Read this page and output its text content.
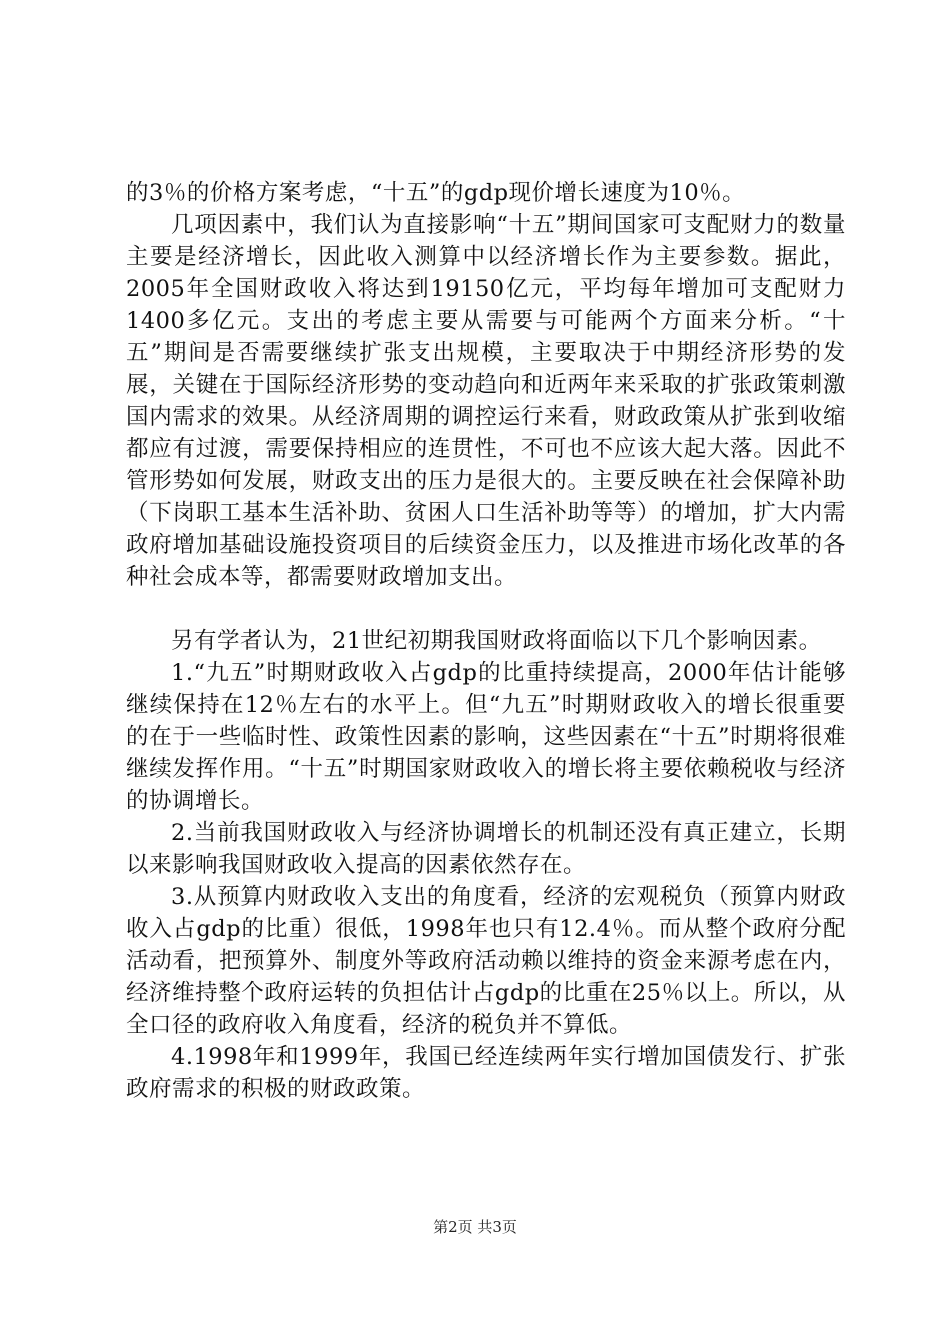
的3％的价格方案考虑，“十五”的gdp现价增长速度为10％。

几项因素中，我们认为直接影响“十五”期间国家可支配财力的数量主要是经济增长，因此收入测算中以经济增长作为主要参数。据此，2005年全国财政收入将达到19150亿元，平均每年增加可支配财力1400多亿元。支出的考虑主要从需要与可能两个方面来分析。“十五”期间是否需要继续扩张支出规模，主要取决于中期经济形势的发展，关键在于国际经济形势的变动趋向和近两年来采取的扩张政策刺激国内需求的效果。从经济周期的调控运行来看，财政政策从扩张到收缩都应有过渡，需要保持相应的连贯性，不可也不应该大起大落。因此不管形势如何发展，财政支出的压力是很大的。主要反映在社会保障补助（下岗职工基本生活补助、贫困人口生活补助等等）的增加，扩大内需政府增加基础设施投资项目的后续资金压力，以及推进市场化改革的各种社会成本等，都需要财政增加支出。

另有学者认为，21世纪初期我国财政将面临以下几个影响因素。

1.“九五”时期财政收入占gdp的比重持续提高，2000年估计能够继续保持在12％左右的水平上。但“九五”时期财政收入的增长很重要的在于一些临时性、政策性因素的影响，这些因素在“十五”时期将很难继续发挥作用。“十五”时期国家财政收入的增长将主要依赖税收与经济的协调增长。

2.当前我国财政收入与经济协调增长的机制还没有真正建立，长期以来影响我国财政收入提高的因素依然存在。

3.从预算内财政收入支出的角度看，经济的宏观税负（预算内财政收入占gdp的比重）很低，1998年也只有12.4％。而从整个政府分配活动看，把预算外、制度外等政府活动赖以维持的资金来源考虑在内，经济维持整个政府运转的负担估计占gdp的比重在25％以上。所以，从全口径的政府收入角度看，经济的税负并不算低。

4.1998年和1999年，我国已经连续两年实行增加国债发行、扩张政府需求的积极的财政政策。

第2页 共3页
